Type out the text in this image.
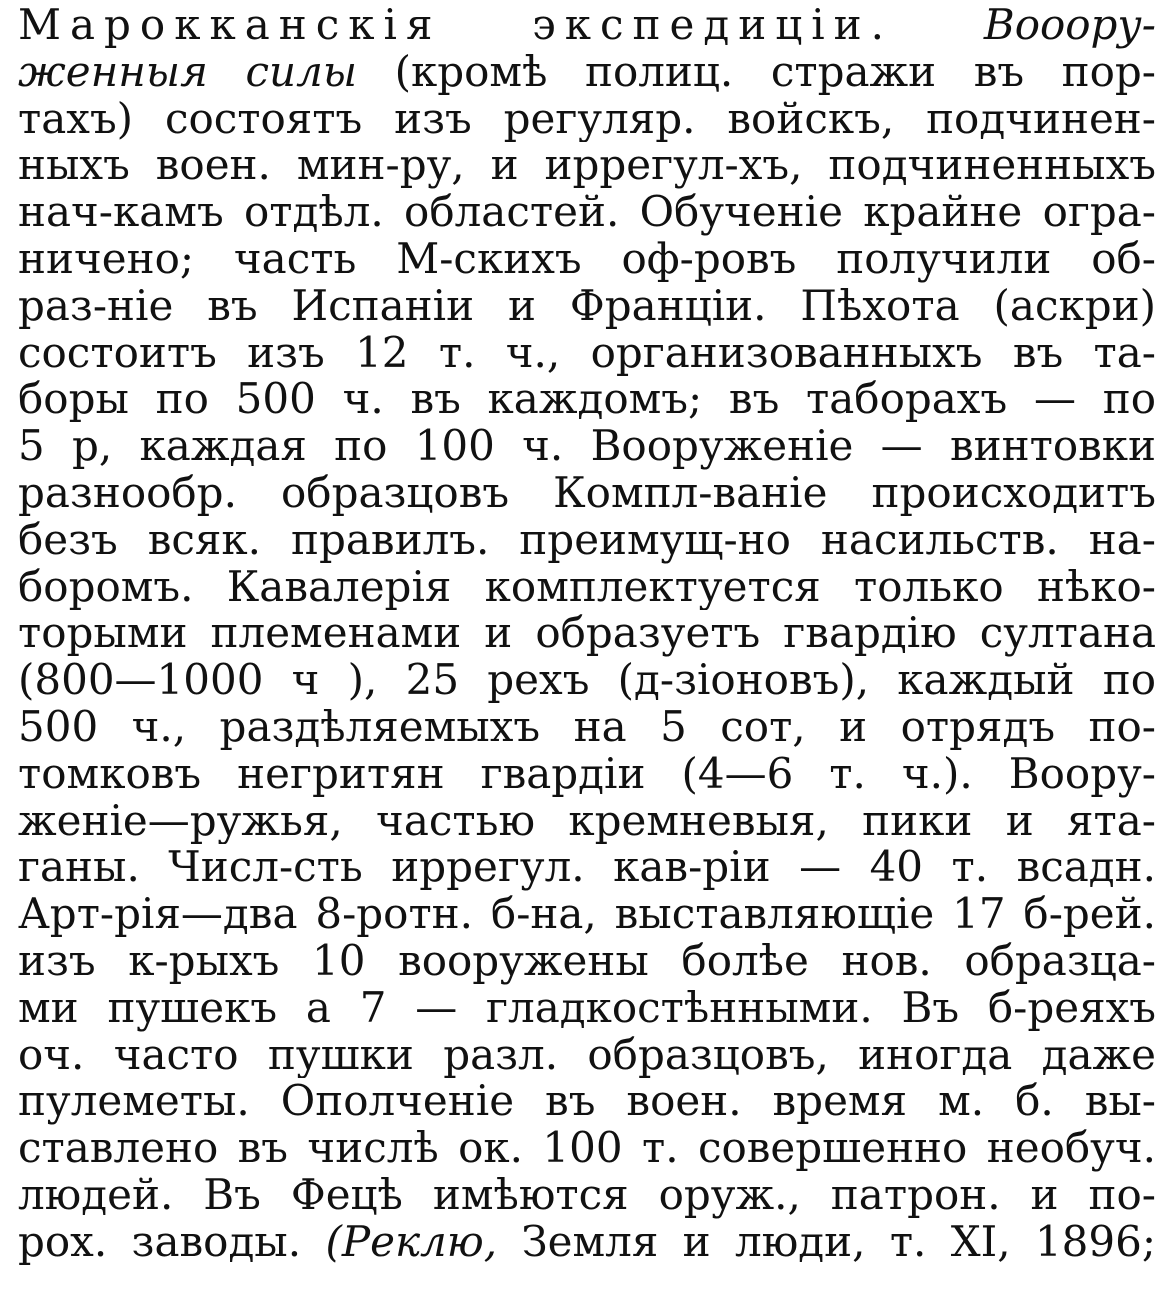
Марокканскія экспедиціи. Вооору-
женныя силы (кромѣ полиц. стражи въ пор-
тахъ) состоятъ изъ регуляр. войскъ, подчинен-
ныхъ воен. мин-ру, и иррегул-хъ, подчиненныхъ
нач-камъ отдѣл. областей. Обученіе крайне огра-
ничено; часть М-скихъ оф-ровъ получили об-
раз-ніе въ Испаніи и Франціи. Пѣхота (аскри)
состоитъ изъ 12 т. ч., организованныхъ въ та-
боры по 500 ч. въ каждомъ; въ таборахъ — по
5 р, каждая по 100 ч. Вооруженіе — винтовки
разнообр. образцовъ Компл-ваніе происходитъ
безъ всяк. правилъ. преимущ-но насильств. на-
боромъ. Кавалерія комплектуется только нѣко-
торыми племенами и образуетъ гвардію султана
(800—1000 ч ), 25 рехъ (д-зіоновъ), каждый по
500 ч., раздѣляемыхъ на 5 сот, и отрядъ по-
томковъ негритян гвардіи (4—6 т. ч.). Воору-
женіе—ружья, частью кремневыя, пики и ята-
ганы. Числ-сть иррегул. кав-ріи — 40 т. всадн.
Арт-рія—два 8-ротн. б-на, выставляющіе 17 б-рей.
изъ к-рыхъ 10 вооружены болѣе нов. образца-
ми пушекъ а 7 — гладкостѣнными. Въ б-реяхъ
оч. часто пушки разл. образцовъ, иногда даже
пулеметы. Ополченіе въ воен. время м. б. вы-
ставлено въ числѣ ок. 100 т. совершенно необуч.
людей. Въ Фецѣ имѣются оруж., патрон. и по-
рох. заводы. (Реклю, Земля и люди, т. XI, 1896;
